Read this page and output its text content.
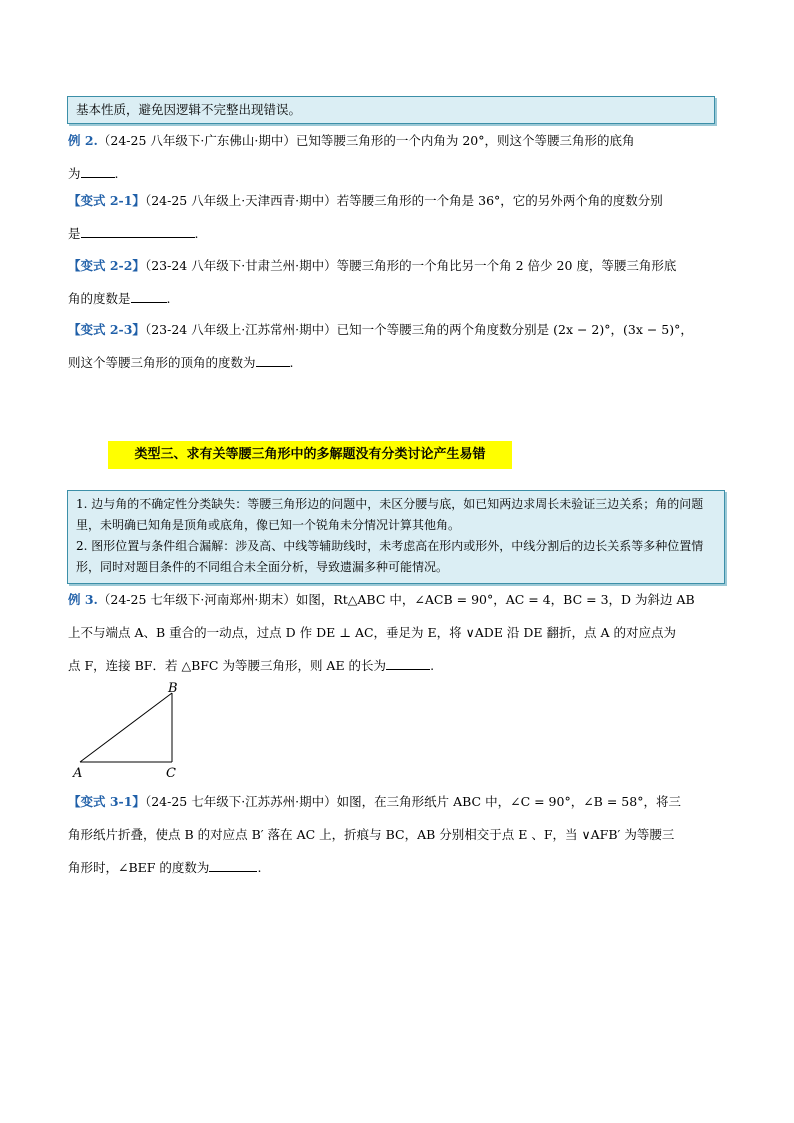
基本性质，避免因逻辑不完整出现错误。
例 2.（24-25 八年级下·广东佛山·期中）已知等腰三角形的一个内角为 20°，则这个等腰三角形的底角
为	.
【变式 2-1】（24-25 八年级上·天津西青·期中）若等腰三角形的一个角是 36°，它的另外两个角的度数分别
是	.
【变式 2-2】（23-24 八年级下·甘肃兰州·期中）等腰三角形的一个角比另一个角 2 倍少 20 度，等腰三角形底
角的度数是	.
【变式 2-3】（23-24 八年级上·江苏常州·期中）已知一个等腰三角的两个角度数分别是 (2x − 2)°，(3x − 5)°，
则这个等腰三角形的顶角的度数为	.
类型三、求有关等腰三角形中的多解题没有分类讨论产生易错
1. 边与角的不确定性分类缺失：等腰三角形边的问题中，未区分腰与底，如已知两边求周长未验证三边关系；角的问题里，未明确已知角是顶角或底角，像已知一个锐角未分情况计算其他角。
2. 图形位置与条件组合漏解：涉及高、中线等辅助线时，未考虑高在形内或形外，中线分割后的边长关系等多种位置情形，同时对题目条件的不同组合未全面分析，导致遗漏多种可能情况。
例 3.（24-25 七年级下·河南郑州·期末）如图，Rt△ABC 中，∠ACB = 90°，AC = 4，BC = 3，D 为斜边 AB
上不与端点 A、B 重合的一动点，过点 D 作 DE ⊥ AC，垂足为 E，将 ∨ADE 沿 DE 翻折，点 A 的对应点为
点 F，连接 BF．若 △BFC 为等腰三角形，则 AE 的长为	.
A
B
C
【变式 3-1】（24-25 七年级下·江苏苏州·期中）如图，在三角形纸片 ABC 中，∠C = 90°，∠B = 58°，将三
角形纸片折叠，使点 B 的对应点 B′ 落在 AC 上，折痕与 BC，AB 分别相交于点 E 、F，当 ∨AFB′ 为等腰三
角形时，∠BEF 的度数为	.
